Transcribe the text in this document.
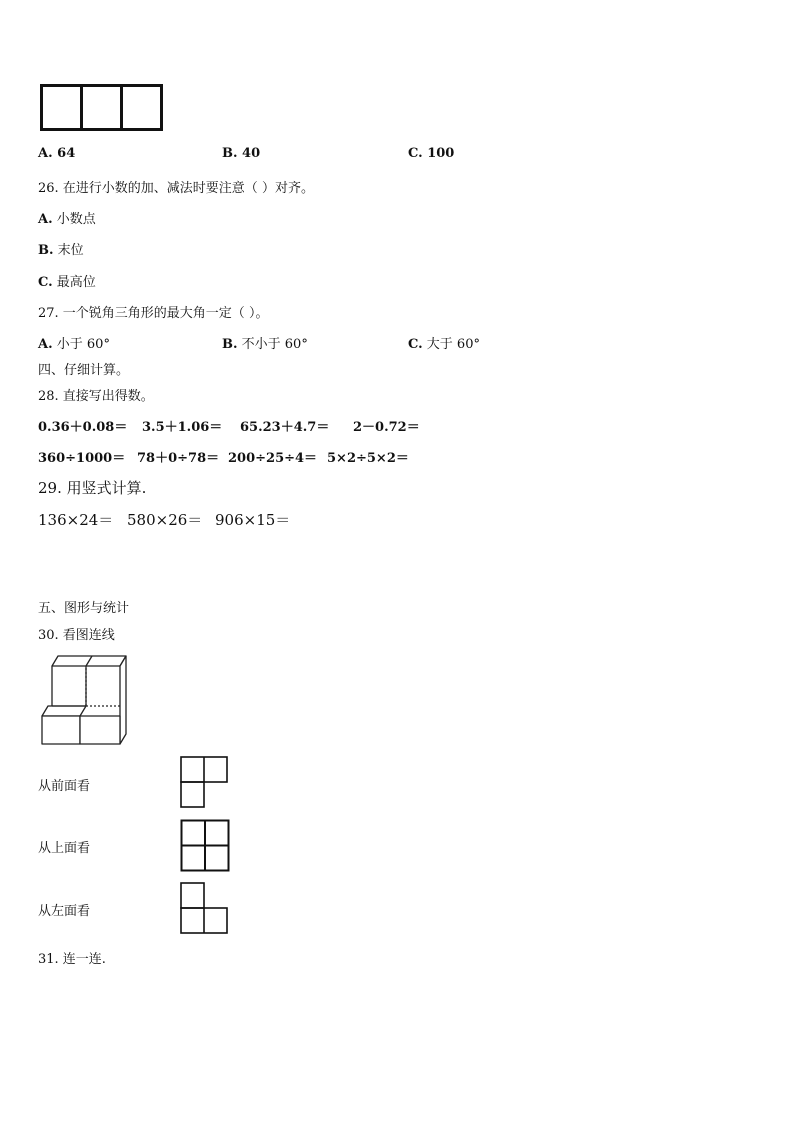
A. 64	B. 40	C. 100
26. 在进行小数的加、减法时要注意（ ）对齐。
A. 小数点
B. 末位
C. 最高位
27. 一个锐角三角形的最大角一定（ ）。
A. 小于 60°	B. 不小于 60°	C. 大于 60°
四、仔细计算。
28. 直接写出得数。
0.36＋0.08＝ 3.5＋1.06＝ 65.23＋4.7＝ 2－0.72＝
360÷1000＝ 78＋0÷78＝ 200÷25÷4＝ 5×2÷5×2＝
29. 用竖式计算.
136×24＝ 580×26＝ 906×15＝
五、图形与统计
30. 看图连线
从前面看
从上面看
从左面看
31. 连一连.
